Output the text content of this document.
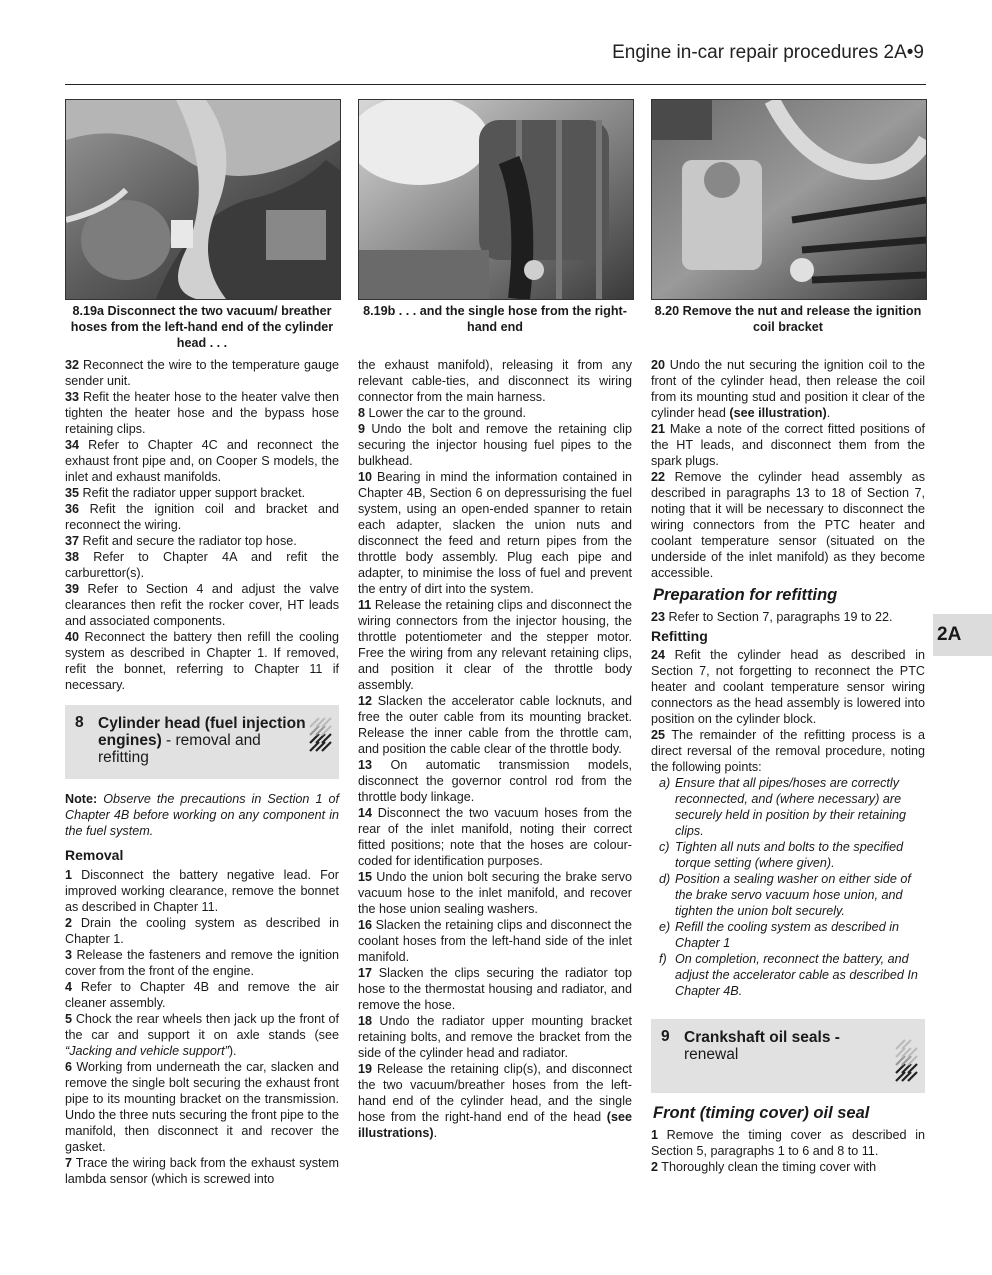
Engine in-car repair procedures 2A•9
8.19a Disconnect the two vacuum/ breather hoses from the left-hand end of the cylinder head . . .
8.19b . . . and the single hose from the right-hand end
8.20 Remove the nut and release the ignition coil bracket

32 Reconnect the wire to the temperature gauge sender unit.

33 Refit the heater hose to the heater valve then tighten the heater hose and the bypass hose retaining clips.

34 Refer to Chapter 4C and reconnect the exhaust front pipe and, on Cooper S models, the inlet and exhaust manifolds.

35 Refit the radiator upper support bracket.

36 Refit the ignition coil and bracket and reconnect the wiring.

37 Refit and secure the radiator top hose.

38 Refer to Chapter 4A and refit the carburettor(s).

39 Refer to Section 4 and adjust the valve clearances then refit the rocker cover, HT leads and associated components.

40 Reconnect the battery then refill the cooling system as described in Chapter 1. If removed, refit the bonnet, referring to Chapter 11 if necessary.

8 Cylinder head (fuel injection engines) - removal and refitting

Note: Observe the precautions in Section 1 of Chapter 4B before working on any component in the fuel system.

Removal

1 Disconnect the battery negative lead. For improved working clearance, remove the bonnet as described in Chapter 11.

2 Drain the cooling system as described in Chapter 1.

3 Release the fasteners and remove the ignition cover from the front of the engine.

4 Refer to Chapter 4B and remove the air cleaner assembly.

5 Chock the rear wheels then jack up the front of the car and support it on axle stands (see “Jacking and vehicle support”).

6 Working from underneath the car, slacken and remove the single bolt securing the exhaust front pipe to its mounting bracket on the transmission. Undo the three nuts securing the front pipe to the manifold, then disconnect it and recover the gasket.

7 Trace the wiring back from the exhaust system lambda sensor (which is screwed into

the exhaust manifold), releasing it from any relevant cable-ties, and disconnect its wiring connector from the main harness.

8 Lower the car to the ground.

9 Undo the bolt and remove the retaining clip securing the injector housing fuel pipes to the bulkhead.

10 Bearing in mind the information contained in Chapter 4B, Section 6 on depressurising the fuel system, using an open-ended spanner to retain each adapter, slacken the union nuts and disconnect the feed and return pipes from the throttle body assembly. Plug each pipe and adapter, to minimise the loss of fuel and prevent the entry of dirt into the system.

11 Release the retaining clips and disconnect the wiring connectors from the injector housing, the throttle potentiometer and the stepper motor. Free the wiring from any relevant retaining clips, and position it clear of the throttle body assembly.

12 Slacken the accelerator cable locknuts, and free the outer cable from its mounting bracket. Release the inner cable from the throttle cam, and position the cable clear of the throttle body.

13 On automatic transmission models, disconnect the governor control rod from the throttle body linkage.

14 Disconnect the two vacuum hoses from the rear of the inlet manifold, noting their correct fitted positions; note that the hoses are colour-coded for identification purposes.

15 Undo the union bolt securing the brake servo vacuum hose to the inlet manifold, and recover the hose union sealing washers.

16 Slacken the retaining clips and disconnect the coolant hoses from the left-hand side of the inlet manifold.

17 Slacken the clips securing the radiator top hose to the thermostat housing and radiator, and remove the hose.

18 Undo the radiator upper mounting bracket retaining bolts, and remove the bracket from the side of the cylinder head and radiator.

19 Release the retaining clip(s), and disconnect the two vacuum/breather hoses from the left-hand end of the cylinder head, and the single hose from the right-hand end of the head (see illustrations).

20 Undo the nut securing the ignition coil to the front of the cylinder head, then release the coil from its mounting stud and position it clear of the cylinder head (see illustration).

21 Make a note of the correct fitted positions of the HT leads, and disconnect them from the spark plugs.

22 Remove the cylinder head assembly as described in paragraphs 13 to 18 of Section 7, noting that it will be necessary to disconnect the wiring connectors from the PTC heater and coolant temperature sensor (situated on the underside of the inlet manifold) as they become accessible.

Preparation for refitting

23 Refer to Section 7, paragraphs 19 to 22.

Refitting

24 Refit the cylinder head as described in Section 7, not forgetting to reconnect the PTC heater and coolant temperature sensor wiring connectors as the head assembly is lowered into position on the cylinder block.

25 The remainder of the refitting process is a direct reversal of the removal procedure, noting the following points:

a) Ensure that all pipes/hoses are correctly reconnected, and (where necessary) are securely held in position by their retaining clips.
c) Tighten all nuts and bolts to the specified torque setting (where given).
d) Position a sealing washer on either side of the brake servo vacuum hose union, and tighten the union bolt securely.
e) Refill the cooling system as described in Chapter 1
f) On completion, reconnect the battery, and adjust the accelerator cable as described In Chapter 4B.
9 Crankshaft oil seals -
renewal

Front (timing cover) oil seal

1 Remove the timing cover as described in Section 5, paragraphs 1 to 6 and 8 to 11.

2 Thoroughly clean the timing cover with

2A
